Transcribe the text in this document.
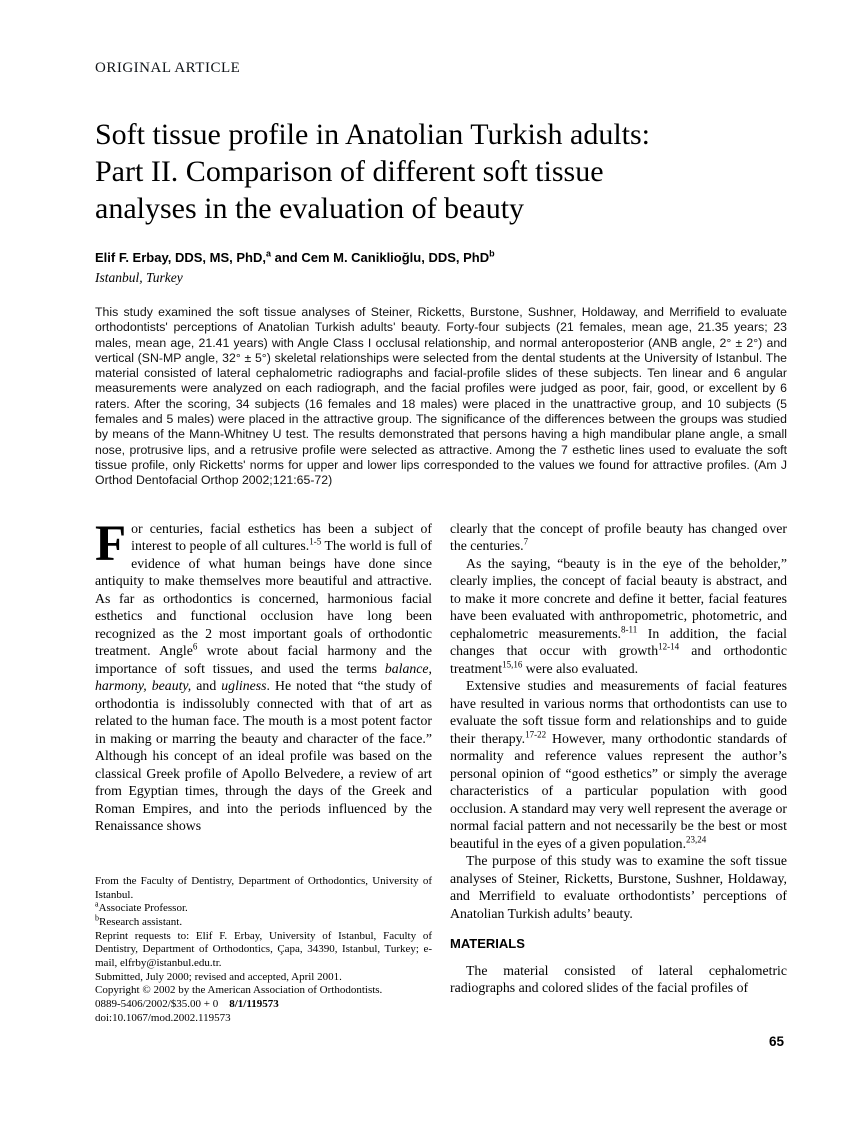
ORIGINAL ARTICLE
Soft tissue profile in Anatolian Turkish adults:
Part II. Comparison of different soft tissue
analyses in the evaluation of beauty
Elif F. Erbay, DDS, MS, PhD,$^a$ and Cem M. Caniklioğlu, DDS, PhD$^b$
Istanbul, Turkey
This study examined the soft tissue analyses of Steiner, Ricketts, Burstone, Sushner, Holdaway, and Merrifield to evaluate orthodontists' perceptions of Anatolian Turkish adults' beauty. Forty-four subjects (21 females, mean age, 21.35 years; 23 males, mean age, 21.41 years) with Angle Class I occlusal relationship, and normal anteroposterior (ANB angle, 2° ± 2°) and vertical (SN-MP angle, 32° ± 5°) skeletal relationships were selected from the dental students at the University of Istanbul. The material consisted of lateral cephalometric radiographs and facial-profile slides of these subjects. Ten linear and 6 angular measurements were analyzed on each radiograph, and the facial profiles were judged as poor, fair, good, or excellent by 6 raters. After the scoring, 34 subjects (16 females and 18 males) were placed in the unattractive group, and 10 subjects (5 females and 5 males) were placed in the attractive group. The significance of the differences between the groups was studied by means of the Mann-Whitney U test. The results demonstrated that persons having a high mandibular plane angle, a small nose, protrusive lips, and a retrusive profile were selected as attractive. Among the 7 esthetic lines used to evaluate the soft tissue profile, only Ricketts' norms for upper and lower lips corresponded to the values we found for attractive profiles. (Am J Orthod Dentofacial Orthop 2002;121:65-72)

For centuries, facial esthetics has been a subject of interest to people of all cultures.$^{1-5}$ The world is full of evidence of what human beings have done since antiquity to make themselves more beautiful and attractive. As far as orthodontics is concerned, harmonious facial esthetics and functional occlusion have long been recognized as the 2 most important goals of orthodontic treatment. Angle$^6$ wrote about facial harmony and the importance of soft tissues, and used the terms balance, harmony, beauty, and ugliness. He noted that “the study of orthodontia is indissolubly connected with that of art as related to the human face. The mouth is a most potent factor in making or marring the beauty and character of the face.” Although his concept of an ideal profile was based on the classical Greek profile of Apollo Belvedere, a review of art from Egyptian times, through the days of the Greek and Roman Empires, and into the periods influenced by the Renaissance shows

From the Faculty of Dentistry, Department of Orthodontics, University of Istanbul.

$^a$Associate Professor.

$^b$Research assistant.

Reprint requests to: Elif F. Erbay, University of Istanbul, Faculty of Dentistry, Department of Orthodontics, Çapa, 34390, Istanbul, Turkey; e-mail, elfrby@istanbul.edu.tr.

Submitted, July 2000; revised and accepted, April 2001.

Copyright © 2002 by the American Association of Orthodontists.

0889-5406/2002/$35.00 + 0 8/1/119573

doi:10.1067/mod.2002.119573

clearly that the concept of profile beauty has changed over the centuries.$^7$

As the saying, “beauty is in the eye of the beholder,” clearly implies, the concept of facial beauty is abstract, and to make it more concrete and define it better, facial features have been evaluated with anthropometric, photometric, and cephalometric measurements.$^{8-11}$ In addition, the facial changes that occur with growth$^{12-14}$ and orthodontic treatment$^{15,16}$ were also evaluated.

Extensive studies and measurements of facial features have resulted in various norms that orthodontists can use to evaluate the soft tissue form and relationships and to guide their therapy.$^{17-22}$ However, many orthodontic standards of normality and reference values represent the author’s personal opinion of “good esthetics” or simply the average characteristics of a particular population with good occlusion. A standard may very well represent the average or normal facial pattern and not necessarily be the best or most beautiful in the eyes of a given population.$^{23,24}$

The purpose of this study was to examine the soft tissue analyses of Steiner, Ricketts, Burstone, Sushner, Holdaway, and Merrifield to evaluate orthodontists’ perceptions of Anatolian Turkish adults’ beauty.

MATERIALS

The material consisted of lateral cephalometric radiographs and colored slides of the facial profiles of

65
